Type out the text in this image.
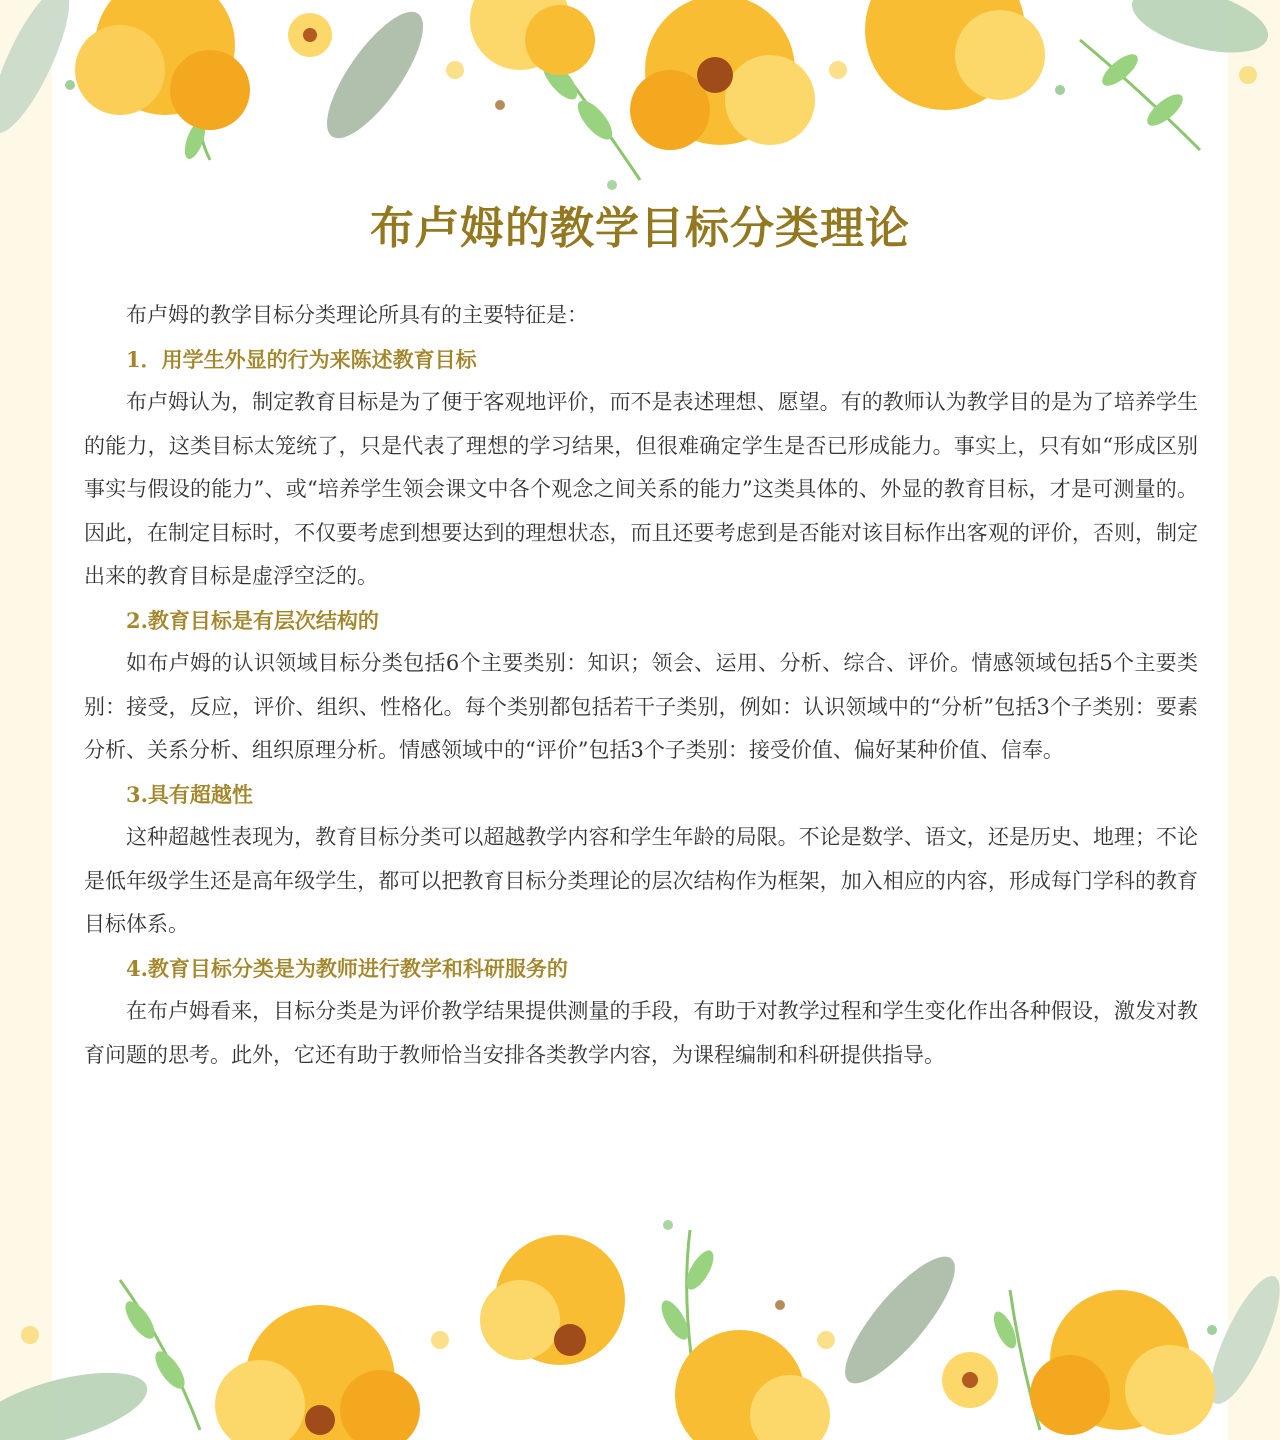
布卢姆的教学目标分类理论

布卢姆的教学目标分类理论所具有的主要特征是：

1．用学生外显的行为来陈述教育目标

布卢姆认为，制定教育目标是为了便于客观地评价，而不是表述理想、愿望。有的教师认为教学目的是为了培养学生的能力，这类目标太笼统了，只是代表了理想的学习结果，但很难确定学生是否已形成能力。事实上，只有如“形成区别事实与假设的能力”、或“培养学生领会课文中各个观念之间关系的能力”这类具体的、外显的教育目标，才是可测量的。因此，在制定目标时，不仅要考虑到想要达到的理想状态，而且还要考虑到是否能对该目标作出客观的评价，否则，制定出来的教育目标是虚浮空泛的。

2.教育目标是有层次结构的

如布卢姆的认识领域目标分类包括6个主要类别：知识；领会、运用、分析、综合、评价。情感领域包括5个主要类别：接受，反应，评价、组织、性格化。每个类别都包括若干子类别，例如：认识领域中的“分析”包括3个子类别：要素分析、关系分析、组织原理分析。情感领域中的“评价”包括3个子类别：接受价值、偏好某种价值、信奉。

3.具有超越性

这种超越性表现为，教育目标分类可以超越教学内容和学生年龄的局限。不论是数学、语文，还是历史、地理；不论是低年级学生还是高年级学生，都可以把教育目标分类理论的层次结构作为框架，加入相应的内容，形成每门学科的教育目标体系。

4.教育目标分类是为教师进行教学和科研服务的

在布卢姆看来，目标分类是为评价教学结果提供测量的手段，有助于对教学过程和学生变化作出各种假设，激发对教育问题的思考。此外，它还有助于教师恰当安排各类教学内容，为课程编制和科研提供指导。
